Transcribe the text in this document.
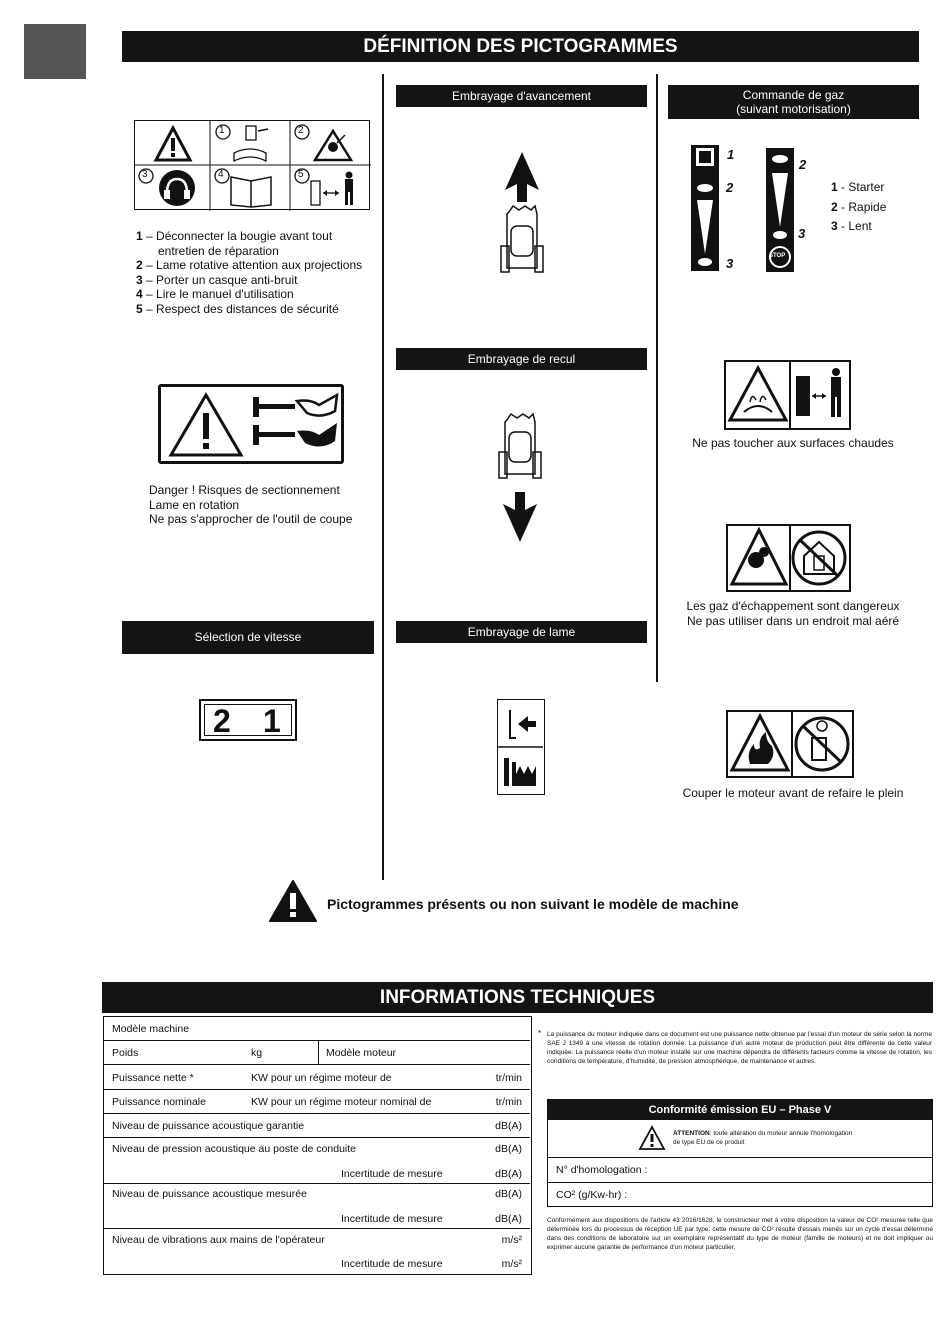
DÉFINITION DES PICTOGRAMMES
1	2
3	4	5
1 – Déconnecter la bougie avant tout
entretien de réparation
2 – Lame rotative attention aux projections
3 – Porter un casque anti-bruit
4 – Lire le manuel d'utilisation
5 – Respect des distances de sécurité
Danger ! Risques de sectionnement
Lame en rotation
Ne pas s'approcher de l'outil de coupe
Sélection de vitesse
2 1
Embrayage d'avancement
Embrayage de recul
Embrayage de lame
Commande de gaz
(suivant motorisation)
1
2
3	STOP
2
3
1 - Starter
2 - Rapide
3 - Lent
Ne pas toucher aux surfaces chaudes
Les gaz d'échappement sont dangereux
Ne pas utiliser dans un endroit mal aéré
Couper le moteur avant de refaire le plein
Pictogrammes présents ou non suivant le modèle de machine
INFORMATIONS TECHNIQUES
Modèle machine
Poids	kg	Modèle moteur
Puissance nette *	KW pour un régime moteur de	tr/min
Puissance nominale	KW pour un régime moteur nominal de	tr/min
Niveau de puissance acoustique garantie	dB(A)
Niveau de pression acoustique au poste de conduite	dB(A)
Incertitude de mesure	dB(A)
Niveau de puissance acoustique mesurée	dB(A)
Incertitude de mesure	dB(A)
Niveau de vibrations aux mains de l'opérateur	m/s²
Incertitude de mesure	m/s²
* La puissance du moteur indiquée dans ce document est une puissance nette obtenue par l'essai d'un moteur de série selon la norme SAE J 1349 à une vitesse de rotation donnée. La puissance d'un autre moteur de production peut être différente de cette valeur indiquée. La puissance réelle d'un moteur installé sur une machine dépendra de différents facteurs comme la vitesse de rotation, les conditions de température, d'humidité, de pression atmosphérique, de maintenance et autres.
Conformité émission EU – Phase V
ATTENTION: toute altération du moteur annule l'homologation de type EU de ce produit
N° d'homologation :
CO² (g/Kw-hr) :
Conformément aux dispositions de l'article 43 2016/1628, le constructeur met à votre disposition la valeur de CO² mesurée telle que déterminée lors du processus de réception UE par type: cette mesure de CO² résulte d'essais menés sur un cycle d'essai déterminé dans des conditions de laboratoire sur un exemplaire représentatif du type de moteur (famille de moteurs) et ne doit impliquer ou exprimer aucune garantie de performance d'un moteur particulier.
